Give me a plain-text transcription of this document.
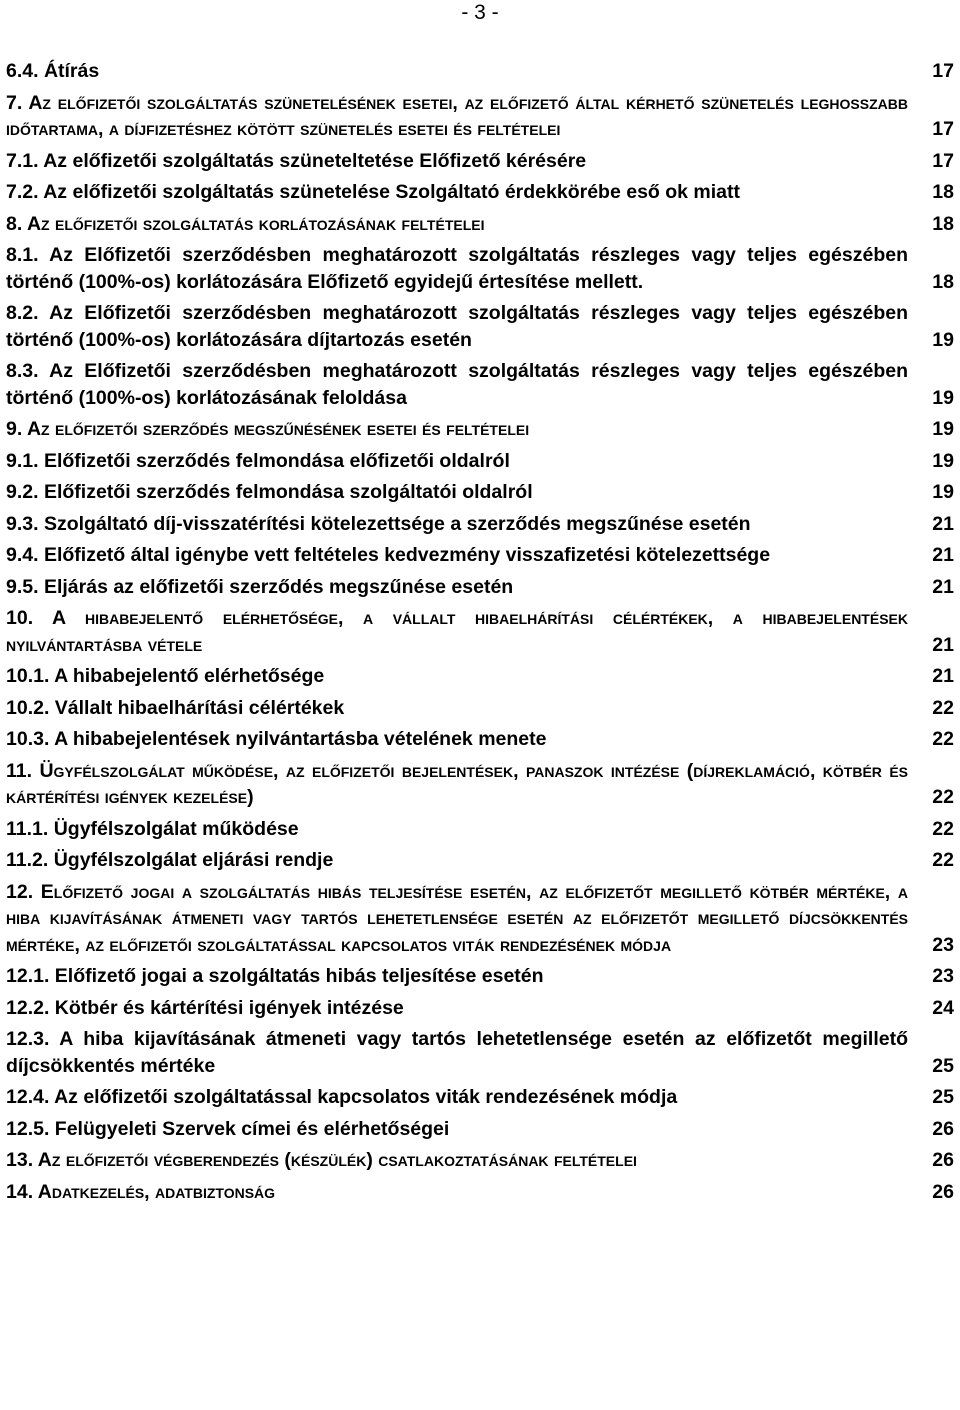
- 3 -
6.4. Átírás	17
7. Az előfizetői szolgáltatás szünetelésének esetei, az előfizető által kérhető szünetelés leghosszabb időtartama, a díjfizetéshez kötött szünetelés esetei és feltételei	17
7.1. Az előfizetői szolgáltatás szüneteltetése Előfizető kérésére	17
7.2. Az előfizetői szolgáltatás szünetelése Szolgáltató érdekkörébe eső ok miatt	18
8. Az előfizetői szolgáltatás korlátozásának feltételei	18
8.1. Az Előfizetői szerződésben meghatározott szolgáltatás részleges vagy teljes egészében történő (100%-os) korlátozására Előfizető egyidejű értesítése mellett.	18
8.2. Az Előfizetői szerződésben meghatározott szolgáltatás részleges vagy teljes egészében történő (100%-os) korlátozására díjtartozás esetén	19
8.3. Az Előfizetői szerződésben meghatározott szolgáltatás részleges vagy teljes egészében történő (100%-os) korlátozásának feloldása	19
9. Az előfizetői szerződés megszűnésének esetei és feltételei	19
9.1. Előfizetői szerződés felmondása előfizetői oldalról	19
9.2. Előfizetői szerződés felmondása szolgáltatói oldalról	19
9.3. Szolgáltató díj-visszatérítési kötelezettsége a szerződés megszűnése esetén	21
9.4. Előfizető által igénybe vett feltételes kedvezmény visszafizetési kötelezettsége	21
9.5. Eljárás az előfizetői szerződés megszűnése esetén	21
10. A hibabejelentő elérhetősége, a vállalt hibaelhárítási célértékek, a hibabejelentések nyilvántartásba vétele	21
10.1. A hibabejelentő elérhetősége	21
10.2. Vállalt hibaelhárítási célértékek	22
10.3. A hibabejelentések nyilvántartásba vételének menete	22
11. Ügyfélszolgálat működése, az előfizetői bejelentések, panaszok intézése (díjreklamáció, kötbér és kártérítési igények kezelése)	22
11.1. Ügyfélszolgálat működése	22
11.2. Ügyfélszolgálat eljárási rendje	22
12. Előfizető jogai a szolgáltatás hibás teljesítése esetén, az előfizetőt megillető kötbér mértéke, a hiba kijavításának átmeneti vagy tartós lehetetlensége esetén az előfizetőt megillető díjcsökkentés mértéke, az előfizetői szolgáltatással kapcsolatos viták rendezésének módja	23
12.1. Előfizető jogai a szolgáltatás hibás teljesítése esetén	23
12.2. Kötbér és kártérítési igények intézése	24
12.3. A hiba kijavításának átmeneti vagy tartós lehetetlensége esetén az előfizetőt megillető díjcsökkentés mértéke	25
12.4. Az előfizetői szolgáltatással kapcsolatos viták rendezésének módja	25
12.5. Felügyeleti Szervek címei és elérhetőségei	26
13. Az előfizetői végberendezés (készülék) csatlakoztatásának feltételei	26
14. Adatkezelés, adatbiztonság	26
